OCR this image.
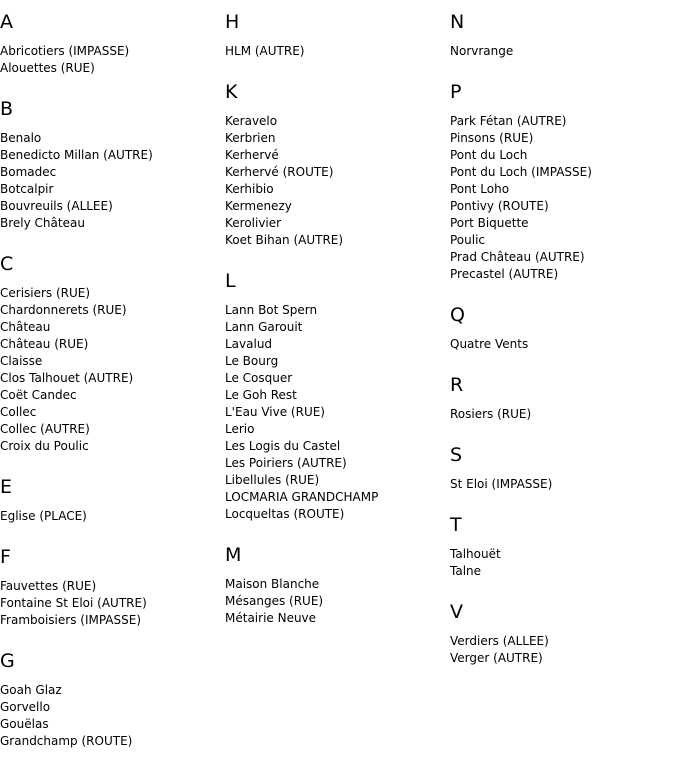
A
Abricotiers (IMPASSE)
Alouettes (RUE)
B
Benalo
Benedicto Millan (AUTRE)
Bomadec
Botcalpir
Bouvreuils (ALLEE)
Brely Château
C
Cerisiers (RUE)
Chardonnerets (RUE)
Château
Château (RUE)
Claisse
Clos Talhouet (AUTRE)
Coët Candec
Collec
Collec (AUTRE)
Croix du Poulic
E
Eglise (PLACE)
F
Fauvettes (RUE)
Fontaine St Eloi (AUTRE)
Framboisiers (IMPASSE)
G
Goah Glaz
Gorvello
Gouëlas
Grandchamp (ROUTE)
H
HLM (AUTRE)
K
Keravelo
Kerbrien
Kerhervé
Kerhervé (ROUTE)
Kerhibio
Kermenezy
Kerolivier
Koet Bihan (AUTRE)
L
Lann Bot Spern
Lann Garouit
Lavalud
Le Bourg
Le Cosquer
Le Goh Rest
L'Eau Vive (RUE)
Lerio
Les Logis du Castel
Les Poiriers (AUTRE)
Libellules (RUE)
LOCMARIA GRANDCHAMP
Locqueltas (ROUTE)
M
Maison Blanche
Mésanges (RUE)
Métairie Neuve
N
Norvrange
P
Park Fétan (AUTRE)
Pinsons (RUE)
Pont du Loch
Pont du Loch (IMPASSE)
Pont Loho
Pontivy (ROUTE)
Port Biquette
Poulic
Prad Château (AUTRE)
Precastel (AUTRE)
Q
Quatre Vents
R
Rosiers (RUE)
S
St Eloi (IMPASSE)
T
Talhouët
Talne
V
Verdiers (ALLEE)
Verger (AUTRE)
